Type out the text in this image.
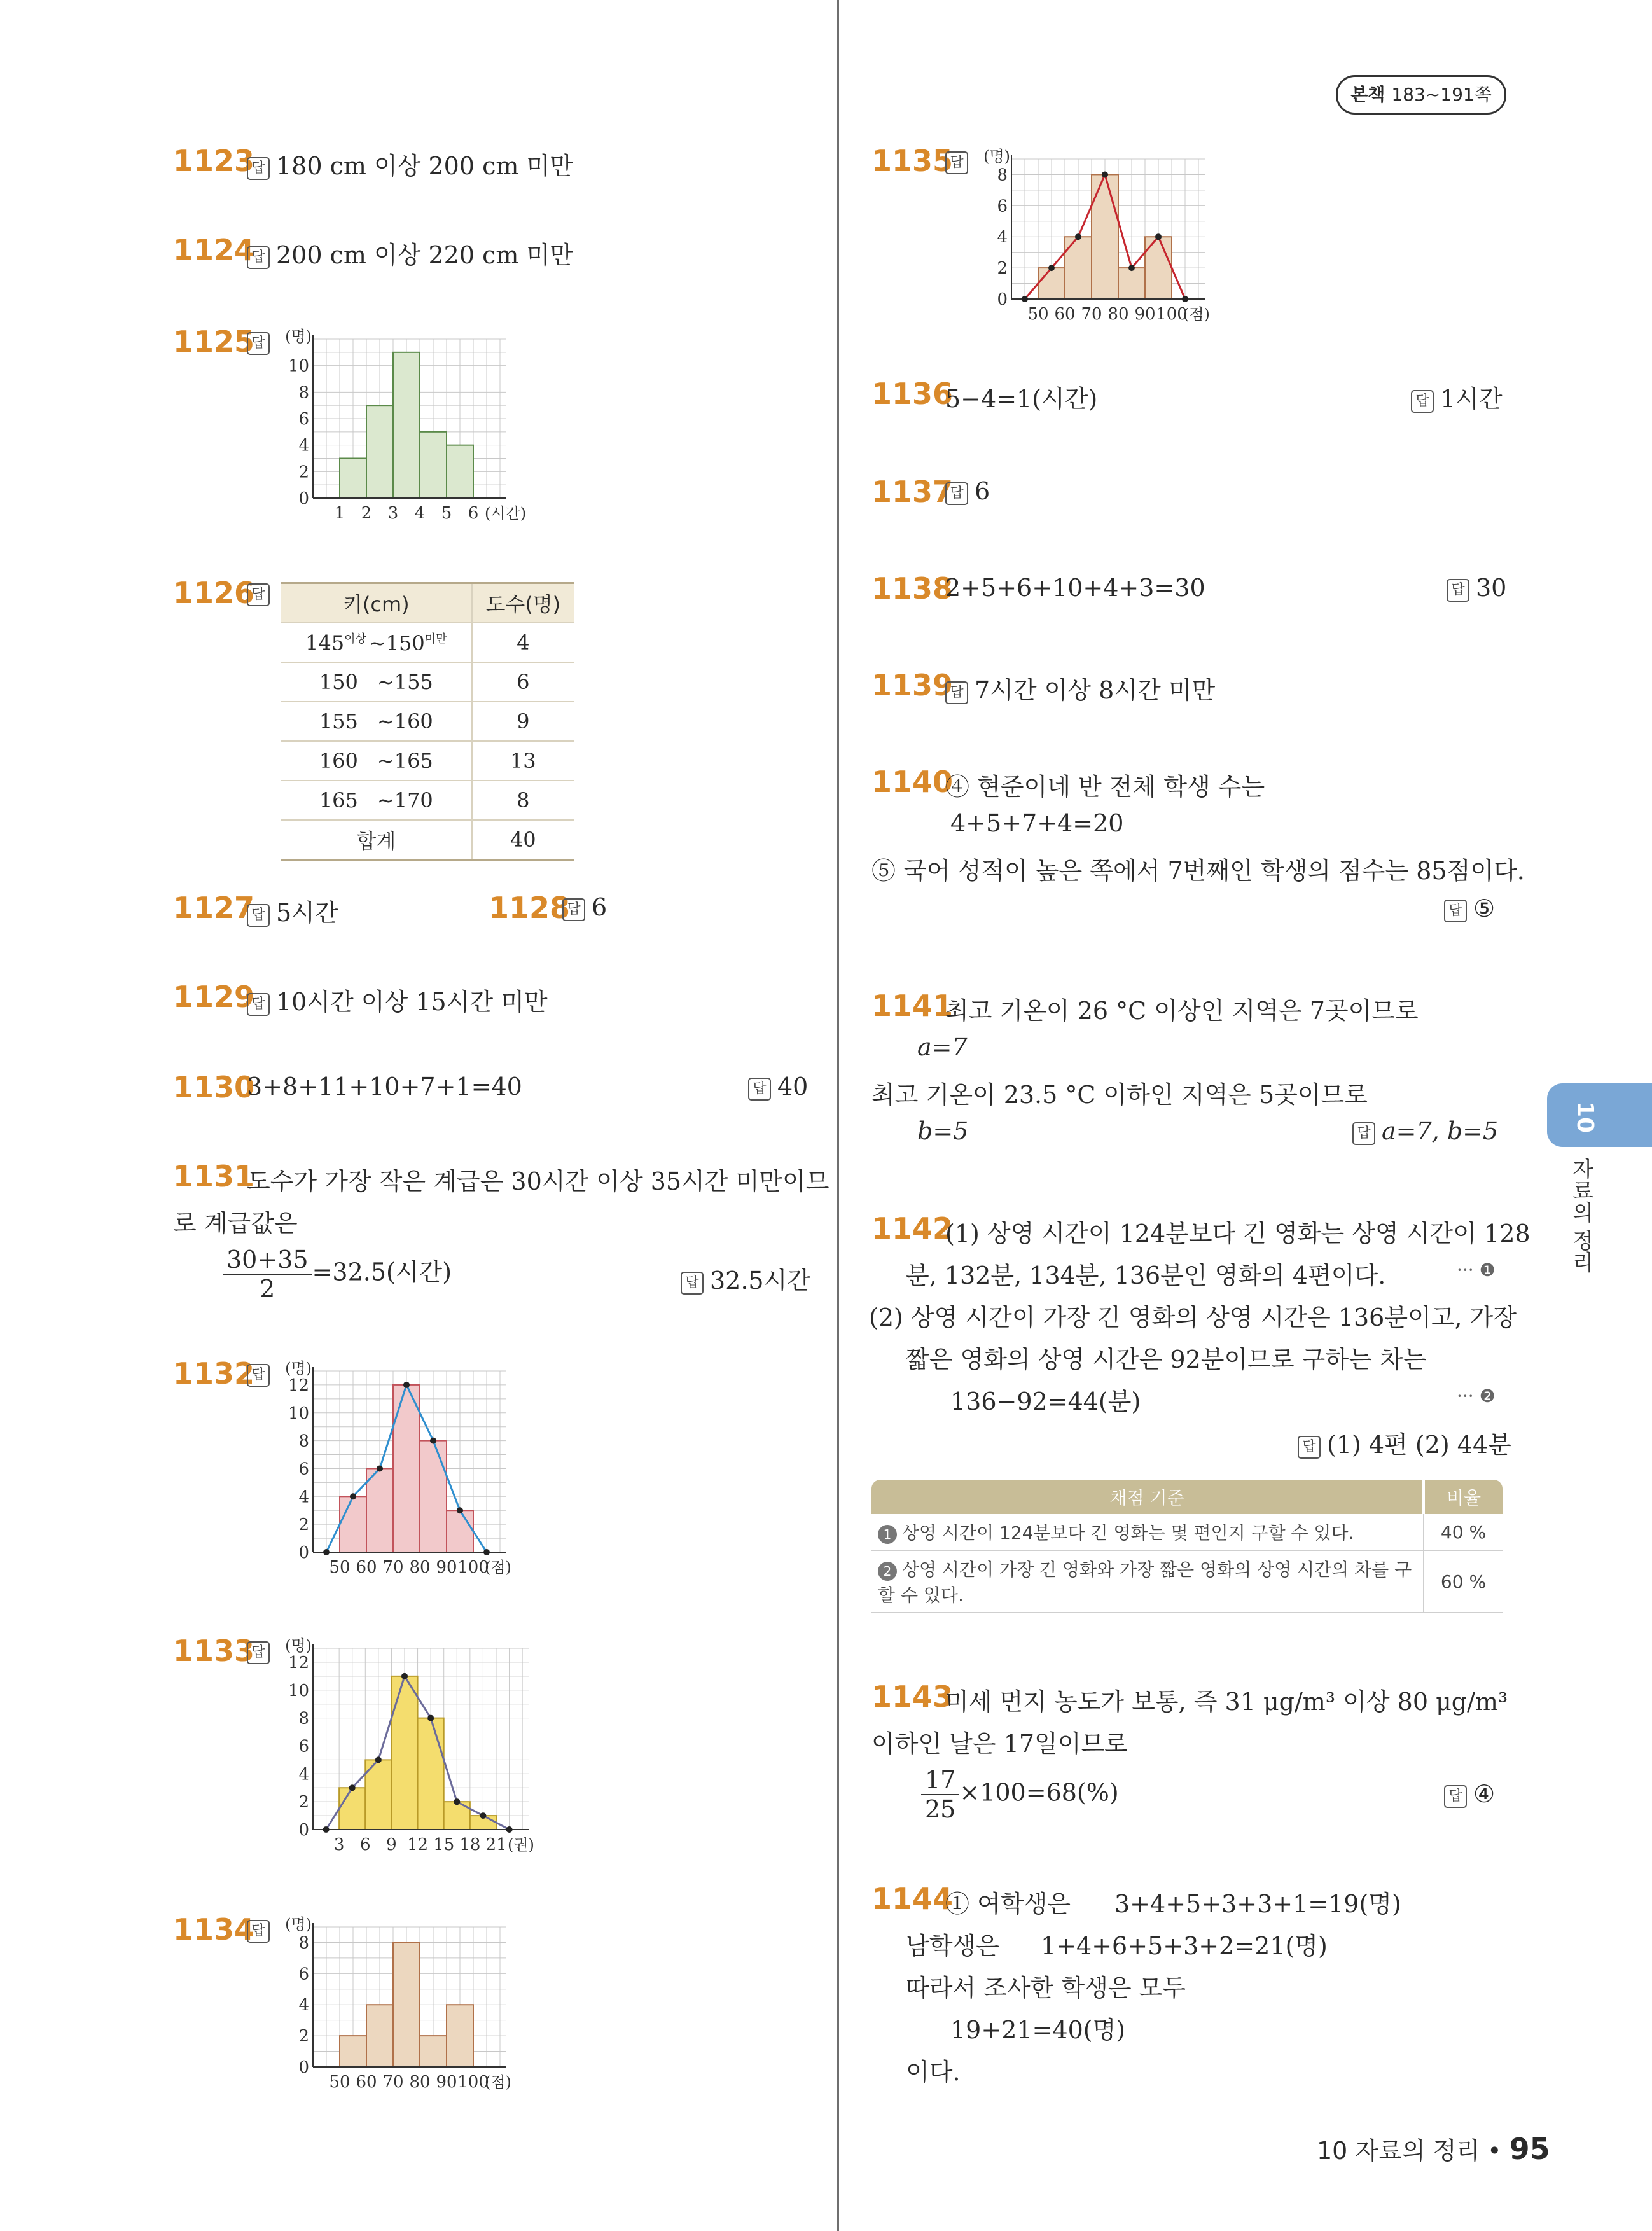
본책 183~191쪽
10
자료의 정리
1123
답 180 cm 이상 200 cm 미만
1124
답 200 cm 이상 220 cm 미만
1125
답
0
2
4
6
8
10
(명)
1 2 3 4 5 6 (시간)
1126
답	키(cm)	도수(명)
$145^{이상}$ $\sim 150^{미만}$	4
150 ~155	6
155 ~160	9
160 ~165	13
165 ~170	8
합계	40
1127
답 5시간	1128
답 6
1129
답 10시간 이상 15시간 미만
1130
3+8+11+10+7+1=40	답 40
1131
도수가 가장 작은 계급은 30시간 이상 35시간 미만이므
로 계급값은
$\frac{30+35}{2} =32.5$(시간)	답 32.5시간
1132
답
0
2
4
6
8
10
12
(명)
50 60 70 80 90 100
(점)
1133
답
0
2
4
6
8
10
12
(명)
3 6 9 12 15 18 21 (권)
1134
답
0
2
4
6
8
(명)
50 60 70 80 90 100
(점)
1135
답
0
2
4
6
8
(명)
50 60 70 80 90 100
(점)
1136
5−4=1(시간)	답 1시간
1137
답 6
1138
2+5+6+10+4+3=30	답 30
1139
답 7시간 이상 8시간 미만
1140
④ 현준이네 반 전체 학생 수는
4+5+7+4=20
⑤ 국어 성적이 높은 쪽에서 7번째인 학생의 점수는 85점이다.
답 ⑤
1141
최고 기온이 26 °C 이상인 지역은 7곳이므로
a=7
최고 기온이 23.5 °C 이하인 지역은 5곳이므로
b=5	답 a=7, b=5
1142
(1) 상영 시간이 124분보다 긴 영화는 상영 시간이 128
분, 132분, 134분, 136분인 영화의 4편이다.	··· ❶
(2) 상영 시간이 가장 긴 영화의 상영 시간은 136분이고, 가장
짧은 영화의 상영 시간은 92분이므로 구하는 차는
136−92=44(분)	··· ❷
답 (1) 4편 (2) 44분
채점 기준	비율
1 상영 시간이 124분보다 긴 영화는 몇 편인지 구할 수 있다.	40 %
2 상영 시간이 가장 긴 영화와 가장 짧은 영화의 상영 시간의 차를 구할 수 있다.	60 %
1143
미세 먼지 농도가 보통, 즉 31 μg/m³ 이상 80 μg/m³
이하인 날은 17일이므로
$\frac{17}{25} \times 100=68(\%)$	답 ④
1144
① 여학생은 3+4+5+3+3+1=19(명)
남학생은 1+4+6+5+3+2=21(명)
따라서 조사한 학생은 모두
19+21=40(명)
이다.
10 자료의 정리 • 95
